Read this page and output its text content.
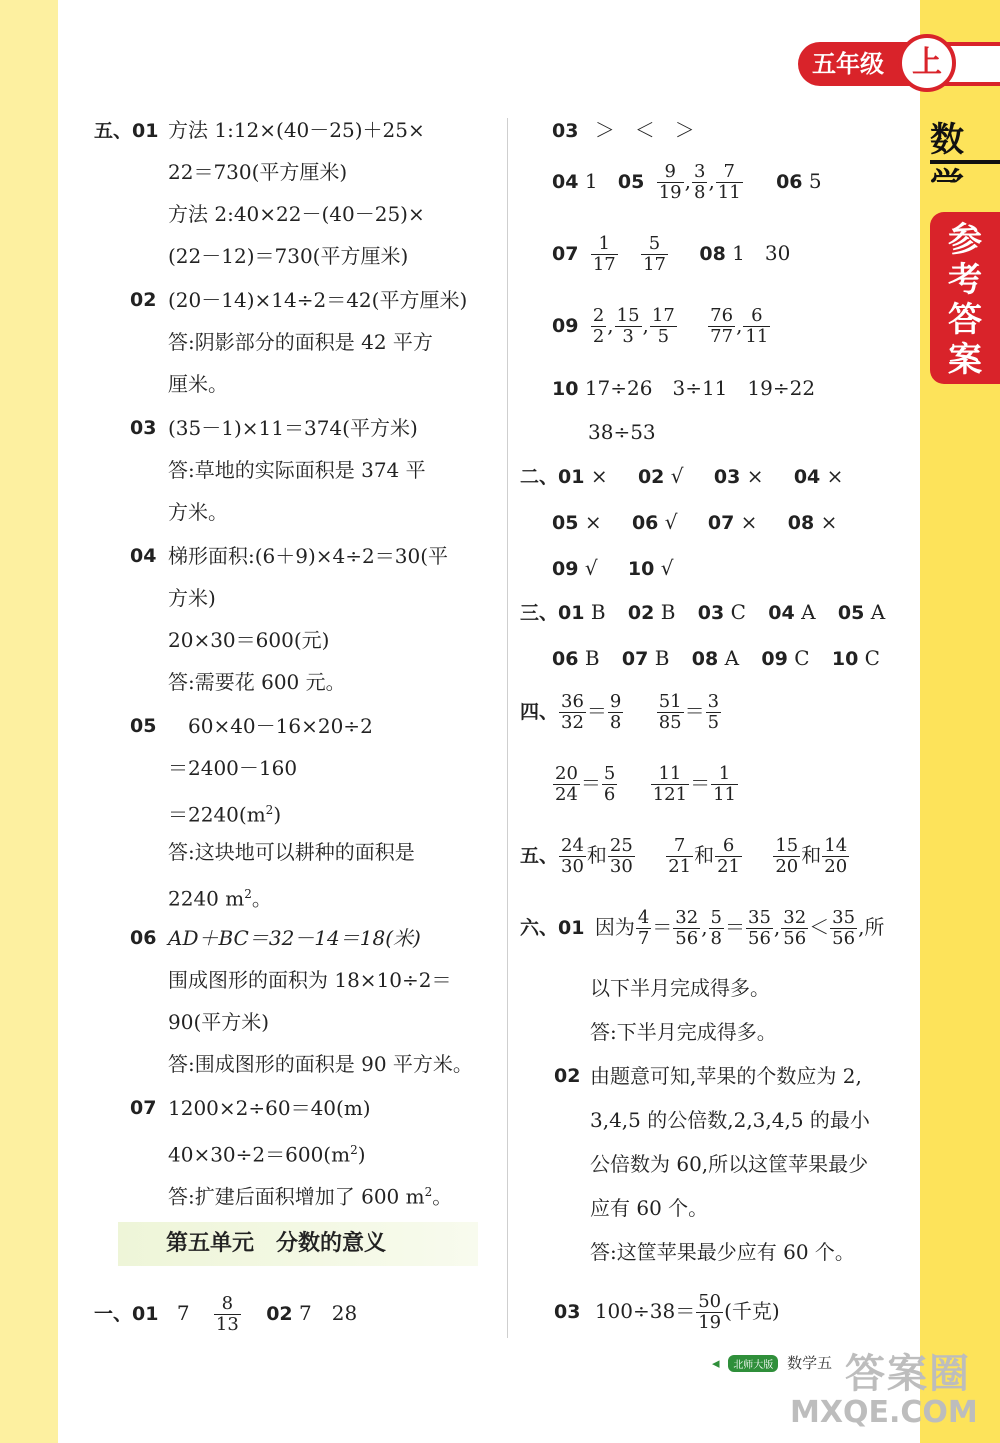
五年级 上
数
参
考
答
案
五、01 方法 1:12×(40－25)＋25×
22＝730(平方厘米)
方法 2:40×22－(40－25)×
(22－12)＝730(平方厘米)
02 (20－14)×14÷2＝42(平方厘米)
答:阴影部分的面积是 42 平方
厘米。
03 (35－1)×11＝374(平方米)
答:草地的实际面积是 374 平
方米。
04 梯形面积:(6＋9)×4÷2＝30(平
方米)
20×30＝600(元)
答:需要花 600 元。
05 60×40－16×20÷2
＝2400－160
$=2240(m^2)$
答:这块地可以耕种的面积是
2240 $m^2$。
06 AD＋BC＝32－14＝18(米)
围成图形的面积为 18×10÷2＝
90(平方米)
答:围成图形的面积是 90 平方米。
07 1200×2÷60＝40(m)
$40\times 30\div 2=600(m^2)$
答:扩建后面积增加了 600 $m^2$。
第五单元　分数的意义
一、01 $7 \frac{8}{13} 02$ 7　28
03 ＞　＜　＞
04 1 $05 \frac{9}{19}$ , $\frac{3}{8}$ , $\frac{7}{11} 06$ 5
$07 \frac{1}{17}$
$\frac{5}{17} 08$ 1　30
$09 \frac{2}{2}$ , $\frac{15}{3}$ , $\frac{17}{5}$
$\frac{76}{77}$ , $\frac{6}{11}$
10 17÷26　3÷11　19÷22
38÷53
二、01 × 02 √ 03 × 04 ×
05 × 06 √ 07 × 08 ×
09 √ 10 √
三、01 B 02 B 03 C 04 A 05 A
06 B 07 B 08 A 09 C 10 C
四、 $\frac{36}{32} = \frac{9}{8}$
$\frac{51}{85} = \frac{3}{5}$
$\frac{20}{24} = \frac{5}{6}$
$\frac{11}{121} = \frac{1}{11}$
五、 $\frac{24}{30}$ 和 $\frac{25}{30}$
$\frac{7}{21}$ 和 $\frac{6}{21}$
$\frac{15}{20}$ 和 $\frac{14}{20}$
六、01 因为 $\frac{4}{7} = \frac{32}{56}$ , $\frac{5}{8} = \frac{35}{56}$ , $\frac{32}{56} < \frac{35}{56}$ ,所
以下半月完成得多。
答:下半月完成得多。
02 由题意可知,苹果的个数应为 2,
3,4,5 的公倍数,2,3,4,5 的最小
公倍数为 60,所以这筐苹果最少
应有 60 个。
答:这筐苹果最少应有 60 个。
03 $100\div 38= \frac{50}{19}$ (千克)
◂ 北师大版 数学五 答案圈
MXQE.COM
